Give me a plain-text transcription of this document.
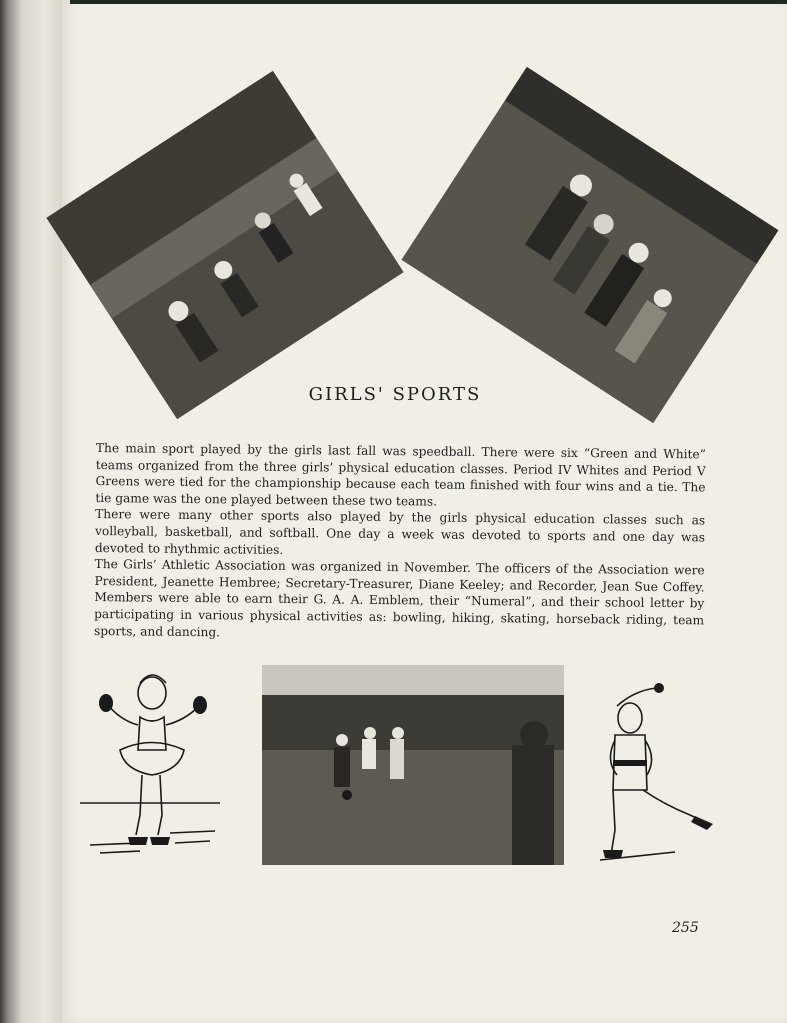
GIRLS' SPORTS

The main sport played by the girls last fall was speedball. There were six “Green and White” teams organized from the three girls’ physical education classes. Period IV Whites and Period V Greens were tied for the championship because each team finished with four wins and a tie. The tie game was the one played between these two teams.

There were many other sports also played by the girls physical education classes such as volleyball, basketball, and softball. One day a week was devoted to sports and one day was devoted to rhythmic activities.

The Girls’ Athletic Association was organized in November. The officers of the Association were President, Jeanette Hembree; Secretary-Treasurer, Diane Keeley; and Recorder, Jean Sue Coffey. Members were able to earn their G. A. A. Emblem, their “Numeral”, and their school letter by participating in various physical activities as: bowling, hiking, skating, horseback riding, team sports, and dancing.

255
